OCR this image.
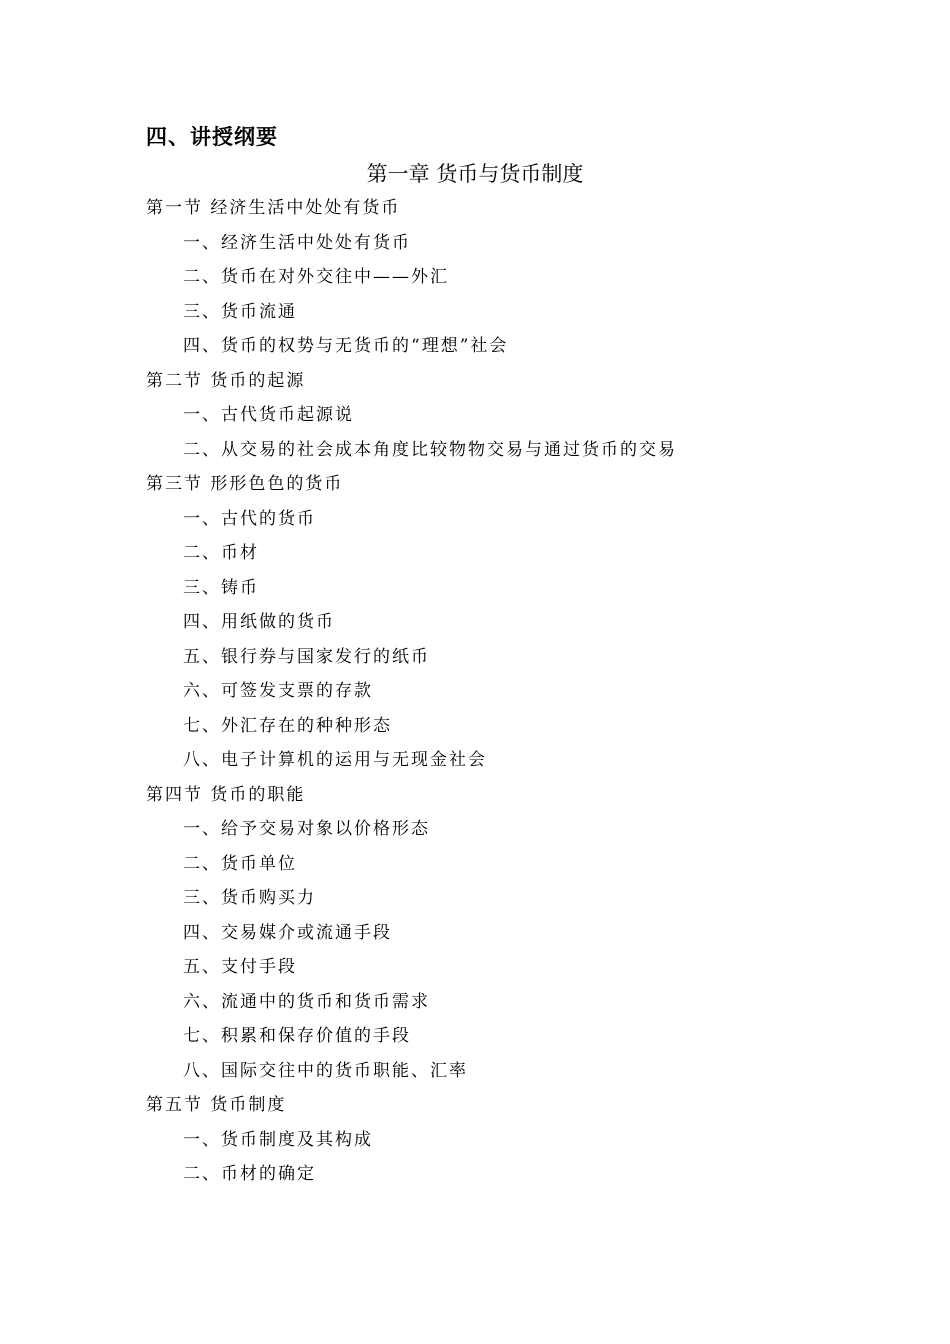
四、讲授纲要
第一章 货币与货币制度
第一节 经济生活中处处有货币
一、经济生活中处处有货币
二、货币在对外交往中——外汇
三、货币流通
四、货币的权势与无货币的“理想”社会
第二节 货币的起源
一、古代货币起源说
二、从交易的社会成本角度比较物物交易与通过货币的交易
第三节 形形色色的货币
一、古代的货币
二、币材
三、铸币
四、用纸做的货币
五、银行券与国家发行的纸币
六、可签发支票的存款
七、外汇存在的种种形态
八、电子计算机的运用与无现金社会
第四节 货币的职能
一、给予交易对象以价格形态
二、货币单位
三、货币购买力
四、交易媒介或流通手段
五、支付手段
六、流通中的货币和货币需求
七、积累和保存价值的手段
八、国际交往中的货币职能、汇率
第五节 货币制度
一、货币制度及其构成
二、币材的确定
